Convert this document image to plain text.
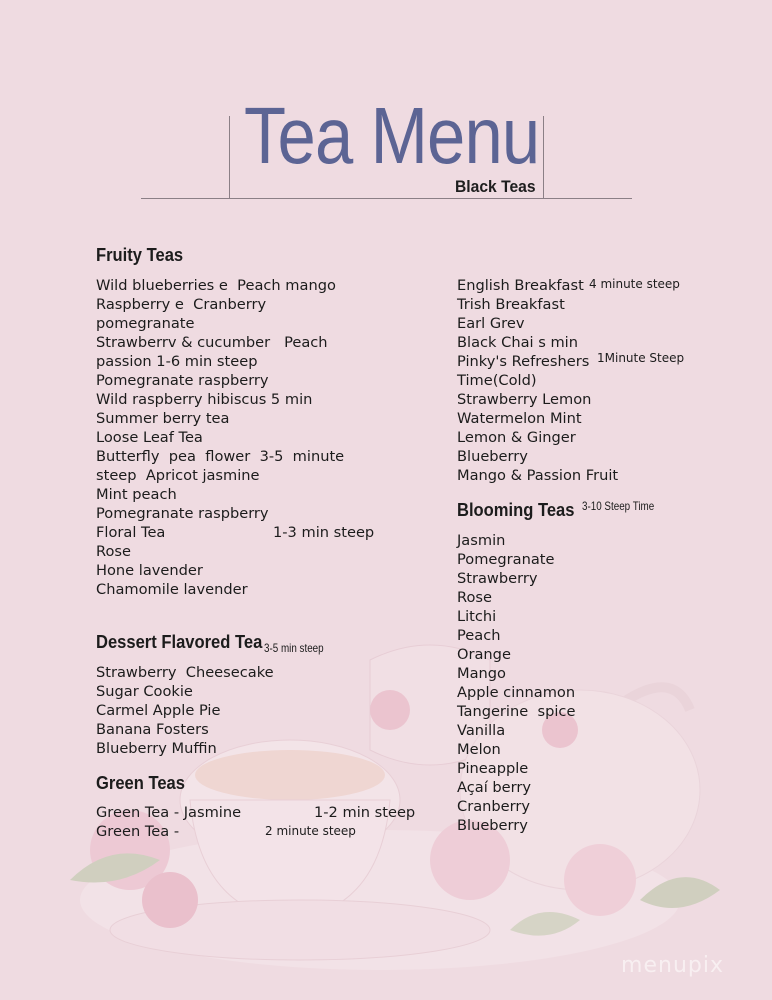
Tea Menu
Black Teas
Fruity Teas
Wild blueberries e  Peach mango
Raspberry e  Cranberry
pomegranate
Strawberrv & cucumber   Peach
passion 1-6 min steep
Pomegranate raspberry
Wild raspberry hibiscus 5 min
Summer berry tea
Loose Leaf Tea
Butterfly  pea  flower  3-5  minute
steep  Apricot jasmine
Mint peach
Pomegranate raspberry
Floral Tea
Rose
Hone lavender
Chamomile lavender
1-3 min steep
Dessert Flavored Tea 3-5 min steep
Strawberry  Cheesecake
Sugar Cookie
Carmel Apple Pie
Banana Fosters
Blueberry Muffin
Green Teas
Green Tea - Jasmine
Green Tea -
1-2 min steep
2 minute steep
English Breakfast
Trish Breakfast
Earl Grev
Black Chai s min
Pinky's Refreshers
Time(Cold)
Strawberry Lemon
Watermelon Mint
Lemon & Ginger
Blueberry
Mango & Passion Fruit
4 minute steep
1Minute Steep
Blooming Teas 3-10 Steep Time
Jasmin
Pomegranate
Strawberry
Rose
Litchi
Peach
Orange
Mango
Apple cinnamon
Tangerine  spice
Vanilla
Melon
Pineapple
Açaí berry
Cranberry
Blueberry
menupix
